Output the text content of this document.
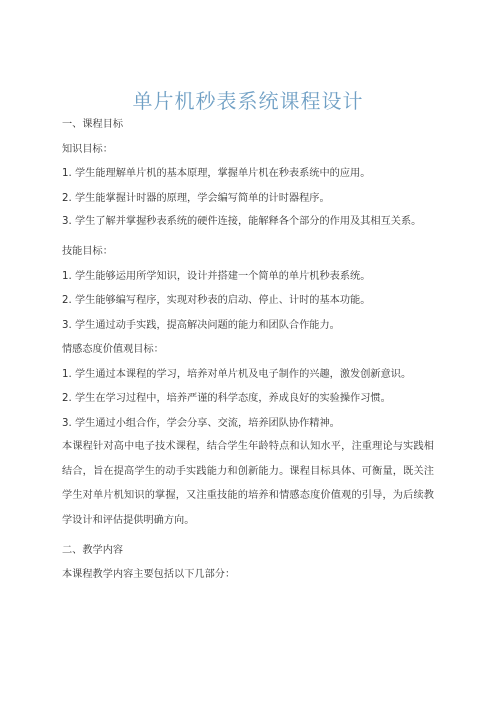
单片机秒表系统课程设计

一、课程目标

知识目标：

1. 学生能理解单片机的基本原理，掌握单片机在秒表系统中的应用。

2. 学生能掌握计时器的原理，学会编写简单的计时器程序。

3. 学生了解并掌握秒表系统的硬件连接，能解释各个部分的作用及其相互关系。

技能目标：

1. 学生能够运用所学知识，设计并搭建一个简单的单片机秒表系统。

2. 学生能够编写程序，实现对秒表的启动、停止、计时的基本功能。

3. 学生通过动手实践，提高解决问题的能力和团队合作能力。

情感态度价值观目标：

1. 学生通过本课程的学习，培养对单片机及电子制作的兴趣，激发创新意识。

2. 学生在学习过程中，培养严谨的科学态度，养成良好的实验操作习惯。

3. 学生通过小组合作，学会分享、交流，培养团队协作精神。

本课程针对高中电子技术课程，结合学生年龄特点和认知水平，注重理论与实践相结合，旨在提高学生的动手实践能力和创新能力。课程目标具体、可衡量，既关注学生对单片机知识的掌握，又注重技能的培养和情感态度价值观的引导，为后续教学设计和评估提供明确方向。

二、教学内容

本课程教学内容主要包括以下几部分：
